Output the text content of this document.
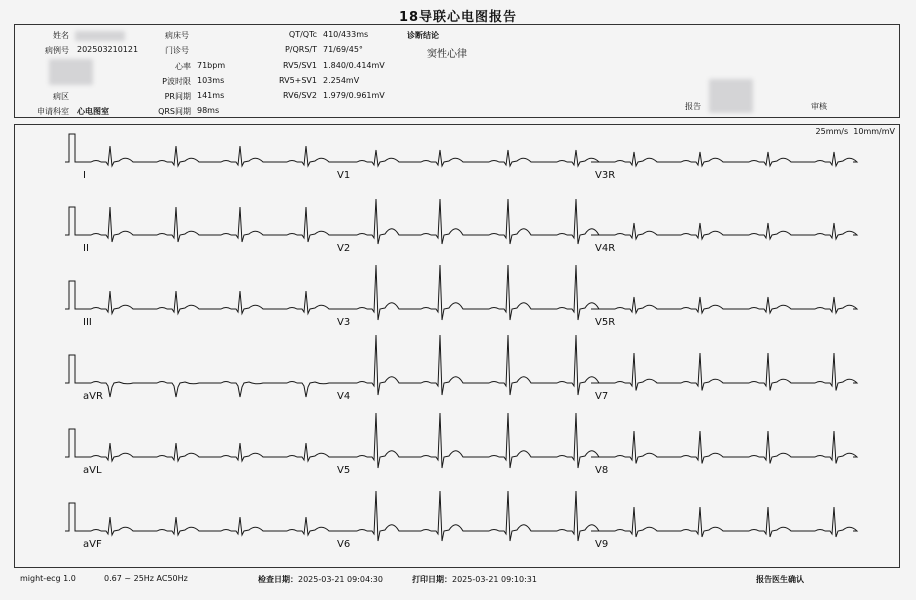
18导联心电图报告
姓名
病例号 202503210121
病区
申请科室 心电图室
病床号
门诊号
心率 71bpm
P波时限 103ms
PR间期 141ms
QRS间期 98ms
QT/QTc 410/433ms
P/QRS/T 71/69/45°
RV5/SV1 1.840/0.414mV
RV5+SV1 2.254mV
RV6/SV2 1.979/0.961mV
诊断结论
窦性心律
报告	审核
25mm/s 10mm/mV
I
II
III
aVR
aVL
aVF
V1
V2
V3
V4
V5
V6
V3R
V4R
V5R
V7
V8
V9
might-ecg 1.0	0.67 ~ 25Hz AC50Hz	检查日期：2025-03-21 09:04:30	打印日期：2025-03-21 09:10:31	报告医生确认
